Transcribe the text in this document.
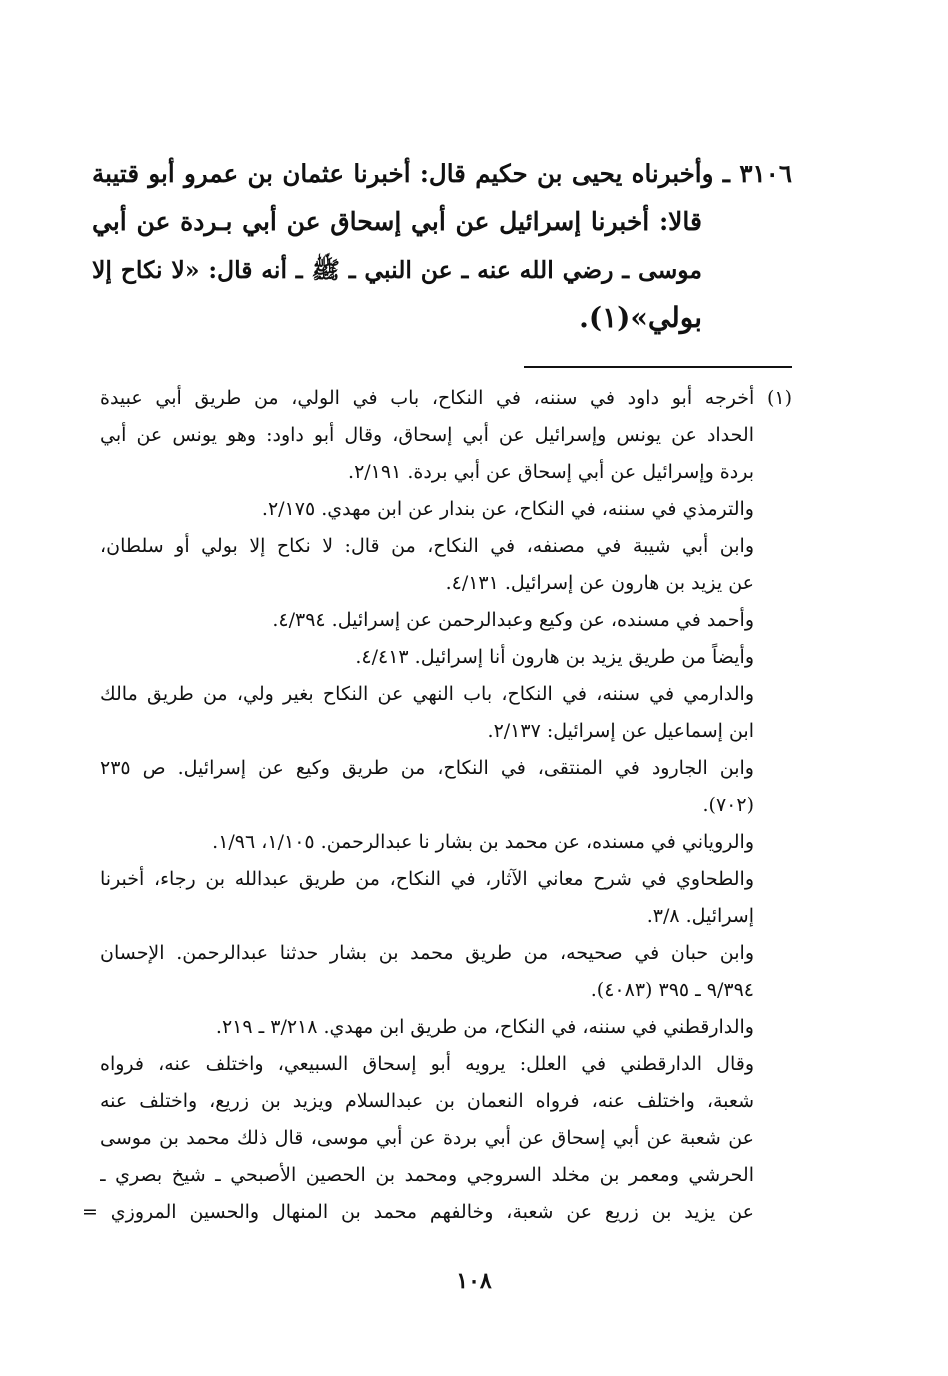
٣١٠٦ ـ وأخبرناه يحيى بن حكيم قال: أخبرنا عثمان بن عمرو أبو قتيبة
قالا: أخبرنا إسرائيل عن أبي إسحاق عن أبي بـردة عن أبي
موسى ـ رضي الله عنه ـ عن النبي ـ ﷺ ـ أنه قال: «لا نكاح إلا
بولي»(١).
(١) أخرجه أبو داود في سننه، في النكاح، باب في الولي، من طريق أبي عبيدة
الحداد عن يونس وإسرائيل عن أبي إسحاق، وقال أبو داود: وهو يونس عن أبي
بردة وإسرائيل عن أبي إسحاق عن أبي بردة. ٢/١٩١.
والترمذي في سننه، في النكاح، عن بندار عن ابن مهدي. ٢/١٧٥.
وابن أبي شيبة في مصنفه، في النكاح، من قال: لا نكاح إلا بولي أو سلطان،
عن يزيد بن هارون عن إسرائيل. ٤/١٣١.
وأحمد في مسنده، عن وكيع وعبدالرحمن عن إسرائيل. ٤/٣٩٤.
وأيضاً من طريق يزيد بن هارون أنا إسرائيل. ٤/٤١٣.
والدارمي في سننه، في النكاح، باب النهي عن النكاح بغير ولي، من طريق مالك
ابن إسماعيل عن إسرائيل: ٢/١٣٧.
وابن الجارود في المنتقى، في النكاح، من طريق وكيع عن إسرائيل. ص ٢٣٥
(٧٠٢).
والروياني في مسنده، عن محمد بن بشار نا عبدالرحمن. ١/١٠٥، ١/٩٦.
والطحاوي في شرح معاني الآثار، في النكاح، من طريق عبدالله بن رجاء، أخبرنا
إسرائيل. ٣/٨.
وابن حبان في صحيحه، من طريق محمد بن بشار حدثنا عبدالرحمن. الإحسان
٩/٣٩٤ ـ ٣٩٥ (٤٠٨٣).
والدارقطني في سننه، في النكاح، من طريق ابن مهدي. ٣/٢١٨ ـ ٢١٩.
وقال الدارقطني في العلل: يرويه أبو إسحاق السبيعي، واختلف عنه، فرواه
شعبة، واختلف عنه، فرواه النعمان بن عبدالسلام ويزيد بن زريع، واختلف عنه
عن شعبة عن أبي إسحاق عن أبي بردة عن أبي موسى، قال ذلك محمد بن موسى
الحرشي ومعمر بن مخلد السروجي ومحمد بن الحصين الأصبحي ـ شيخ بصري ـ
عن يزيد بن زريع عن شعبة، وخالفهم محمد بن المنهال والحسين المروزي =
١٠٨
